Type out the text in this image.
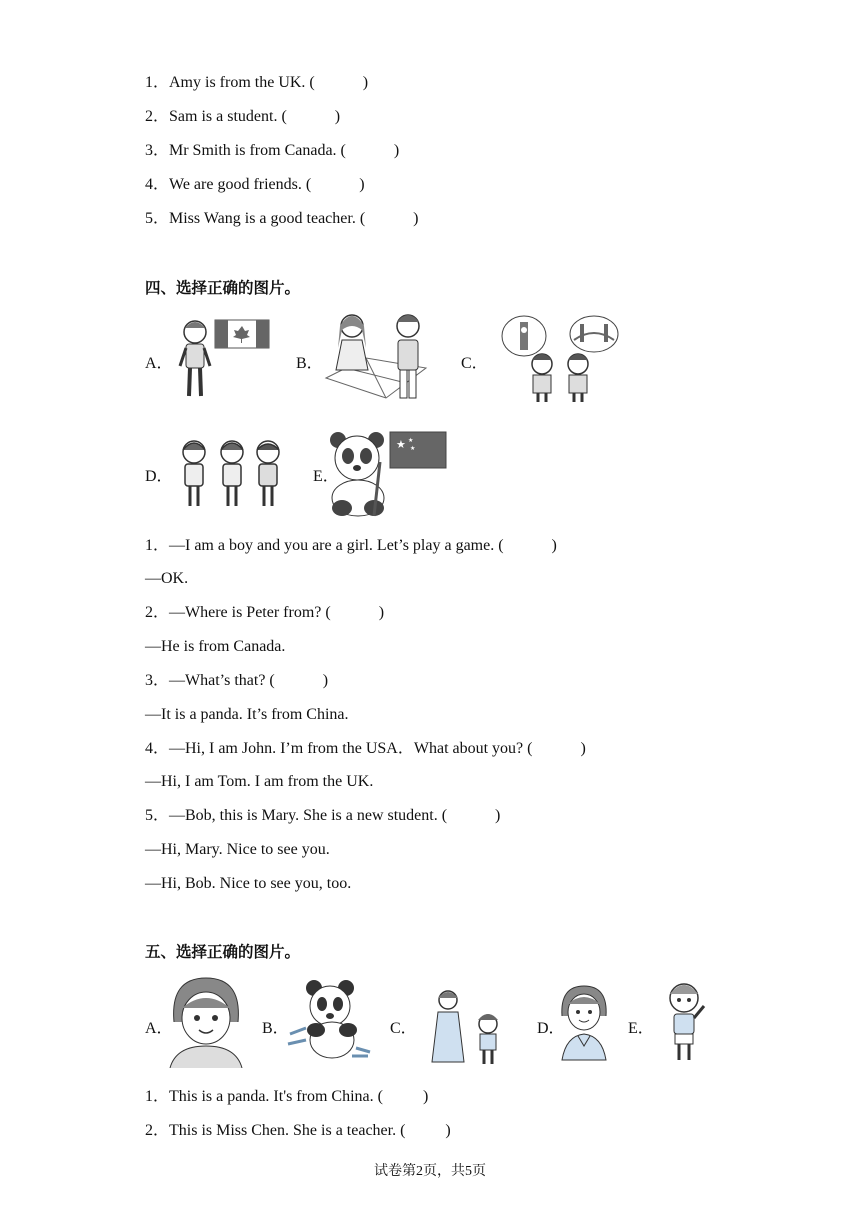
1．Amy is from the UK. (            )
2．Sam is a student. (            )
3．Mr Smith is from Canada. (            )
4．We are good friends. (            )
5．Miss Wang is a good teacher. (            )
四、选择正确的图片。
A．	B．	C．
D．	E．
★ ★
★
1．—I am a boy and you are a girl. Let’s play a game. (            )
—OK.
2．—Where is Peter from? (            )
—He is from Canada.
3．—What’s that? (            )
—It is a panda. It’s from China.
4．—Hi, I am John. I’m from the USA．What about you? (            )
—Hi, I am Tom. I am from the UK.
5．—Bob, this is Mary. She is a new student. (            )
—Hi, Mary. Nice to see you.
—Hi, Bob. Nice to see you, too.
五、选择正确的图片。
A．	B．	C．	D．	E．
1．This is a panda. It's from China. (          )
2．This is Miss Chen. She is a teacher. (          )
试卷第2页，共5页
